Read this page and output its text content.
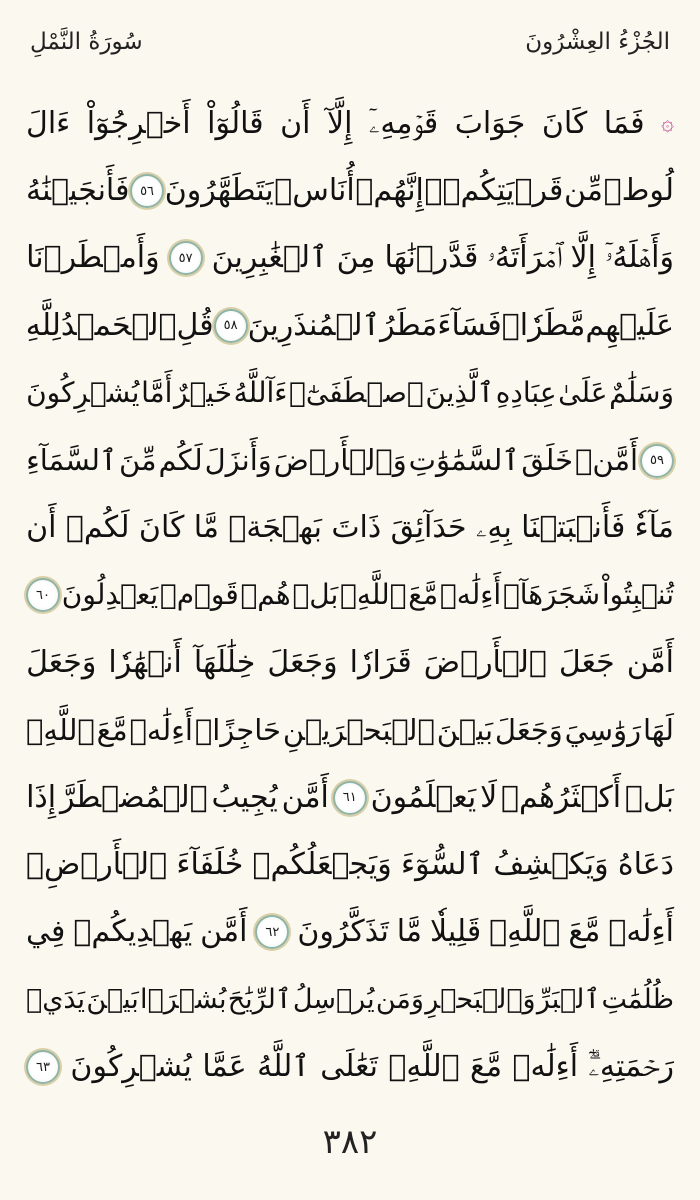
الجُزْءُ العِشْرُونَ
سُورَةُ النَّمْلِ
۞
فَمَا
كَانَ
جَوَابَ
قَوۡمِهِۦٓ
إِلَّآ
أَن
قَالُوٓاْ
أَخۡرِجُوٓاْ
ءَالَ
لُوطٖ
مِّن
قَرۡيَتِكُمۡۖ
إِنَّهُمۡ
أُنَاسٞ
يَتَطَهَّرُونَ
٥٦
فَأَنجَيۡنَٰهُ
وَأَهۡلَهُۥٓ
إِلَّا
ٱمۡرَأَتَهُۥ
قَدَّرۡنَٰهَا
مِنَ
ٱلۡغَٰبِرِينَ
٥٧
وَأَمۡطَرۡنَا
عَلَيۡهِم
مَّطَرٗاۖ
فَسَآءَ
مَطَرُ
ٱلۡمُنذَرِينَ
٥٨
قُلِ
ٱلۡحَمۡدُ
لِلَّهِ
وَسَلَٰمٌ
عَلَىٰ
عِبَادِهِ
ٱلَّذِينَ
ٱصۡطَفَىٰٓۗ
ءَآللَّهُ
خَيۡرٌ
أَمَّا
يُشۡرِكُونَ
٥٩
أَمَّنۡ
خَلَقَ
ٱلسَّمَٰوَٰتِ
وَٱلۡأَرۡضَ
وَأَنزَلَ
لَكُم
مِّنَ
ٱلسَّمَآءِ
مَآءٗ
فَأَنۢبَتۡنَا
بِهِۦ
حَدَآئِقَ
ذَاتَ
بَهۡجَةٖ
مَّا
كَانَ
لَكُمۡ
أَن
تُنۢبِتُواْ
شَجَرَهَآۗ
أَءِلَٰهٞ
مَّعَ
ٱللَّهِۚ
بَلۡ
هُمۡ
قَوۡمٞ
يَعۡدِلُونَ
٦٠
أَمَّن
جَعَلَ
ٱلۡأَرۡضَ
قَرَارٗا
وَجَعَلَ
خِلَٰلَهَآ
أَنۡهَٰرٗا
وَجَعَلَ
لَهَا
رَوَٰسِيَ
وَجَعَلَ
بَيۡنَ
ٱلۡبَحۡرَيۡنِ
حَاجِزًاۗ
أَءِلَٰهٞ
مَّعَ
ٱللَّهِۚ
بَلۡ
أَكۡثَرُهُمۡ
لَا
يَعۡلَمُونَ
٦١
أَمَّن
يُجِيبُ
ٱلۡمُضۡطَرَّ
إِذَا
دَعَاهُ
وَيَكۡشِفُ
ٱلسُّوٓءَ
وَيَجۡعَلُكُمۡ
خُلَفَآءَ
ٱلۡأَرۡضِۗ
أَءِلَٰهٞ
مَّعَ
ٱللَّهِۚ
قَلِيلٗا
مَّا
تَذَكَّرُونَ
٦٢
أَمَّن
يَهۡدِيكُمۡ
فِي
ظُلُمَٰتِ
ٱلۡبَرِّ
وَٱلۡبَحۡرِ
وَمَن
يُرۡسِلُ
ٱلرِّيَٰحَ
بُشۡرَۢا
بَيۡنَ
يَدَيۡ
رَحۡمَتِهِۦٓۗ
أَءِلَٰهٞ
مَّعَ
ٱللَّهِۚ
تَعَٰلَى
ٱللَّهُ
عَمَّا
يُشۡرِكُونَ
٦٣
٣٨٢
